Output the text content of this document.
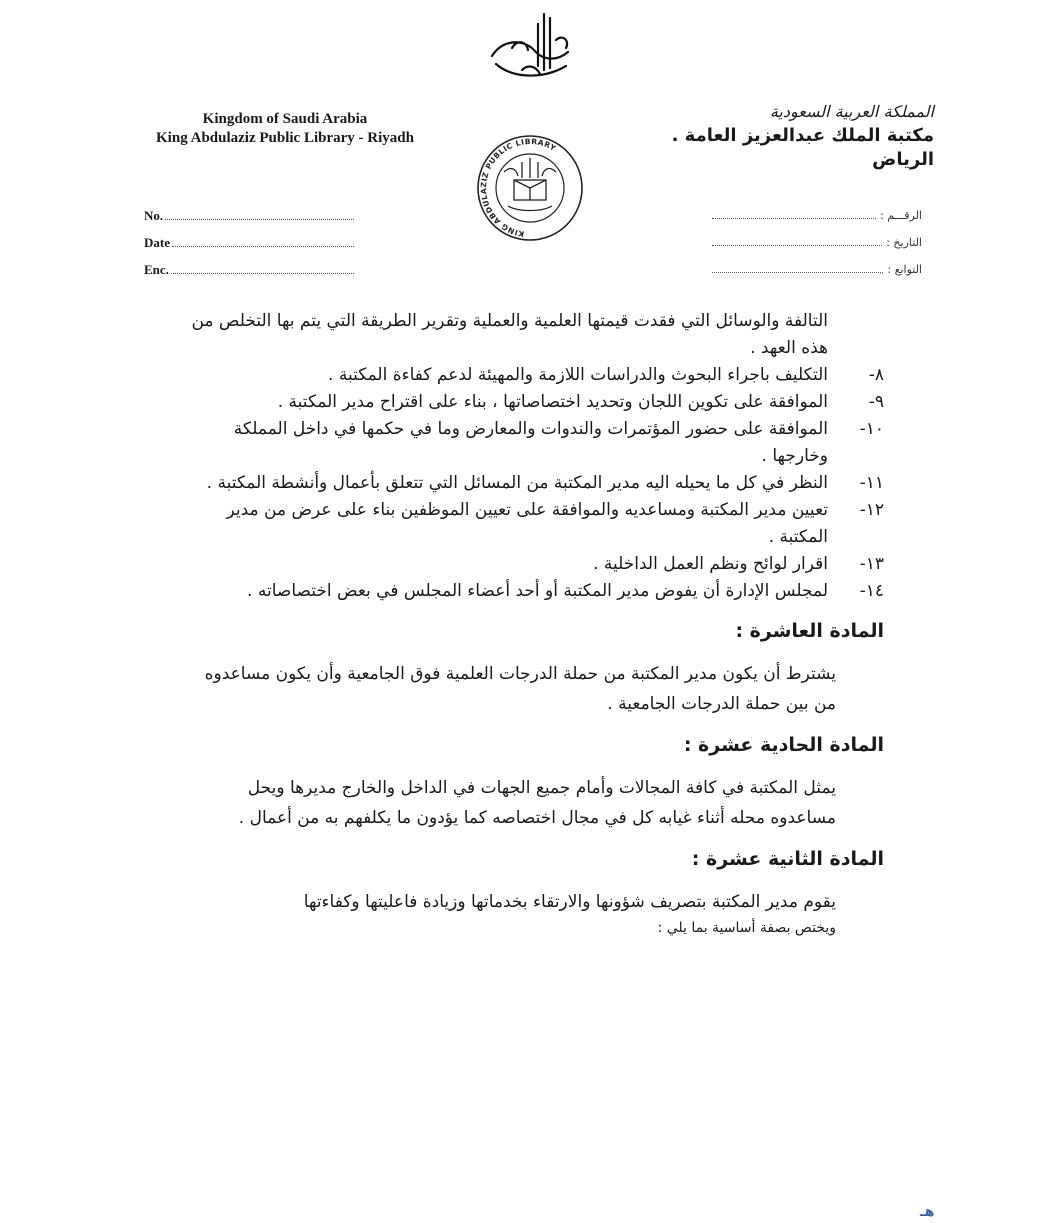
Kingdom of Saudi Arabia
King Abdulaziz Public Library - Riyadh
المملكة العربية السعودية
مكتبة الملك عبدالعزيز العامة . الرياض
KING ABDULAZIZ PUBLIC LIBRARY
No.
Date
Enc.
الرقـــم :
التاريخ :
التوابع :
التالفة والوسائل التي فقدت قيمتها العلمية والعملية وتقرير الطريقة التي يتم بها التخلص من هذه العهد .
٨-
التكليف باجراء البحوث والدراسات اللازمة والمهيئة لدعم كفاءة المكتبة .
٩-
الموافقة على تكوين اللجان وتحديد اختصاصاتها ، بناء على اقتراح مدير المكتبة .
١٠-
الموافقة على حضور المؤتمرات والندوات والمعارض وما في حكمها في داخل المملكة وخارجها .
١١-
النظر في كل ما يحيله اليه مدير المكتبة من المسائل التي تتعلق بأعمال وأنشطة المكتبة .
١٢-
تعيين مدير المكتبة ومساعديه والموافقة على تعيين الموظفين بناء على عرض من مدير المكتبة .
١٣-
اقرار لوائح ونظم العمل الداخلية .
١٤-
لمجلس الإدارة أن يفوض مدير المكتبة أو أحد أعضاء المجلس في بعض اختصاصاته .
المادة العاشرة :
يشترط أن يكون مدير المكتبة من حملة الدرجات العلمية فوق الجامعية وأن يكون مساعدوه من بين حملة الدرجات الجامعية .
المادة الحادية عشرة :
يمثل المكتبة في كافة المجالات وأمام جميع الجهات في الداخل والخارج مديرها ويحل مساعدوه محله أثناء غيابه كل في مجال اختصاصه كما يؤدون ما يكلفهم به من أعمال .
المادة الثانية عشرة :
يقوم مدير المكتبة بتصريف شؤونها والارتقاء بخدماتها وزيادة فاعليتها وكفاءتها
ويختص بصفة أساسية بما يلي :
هـ
